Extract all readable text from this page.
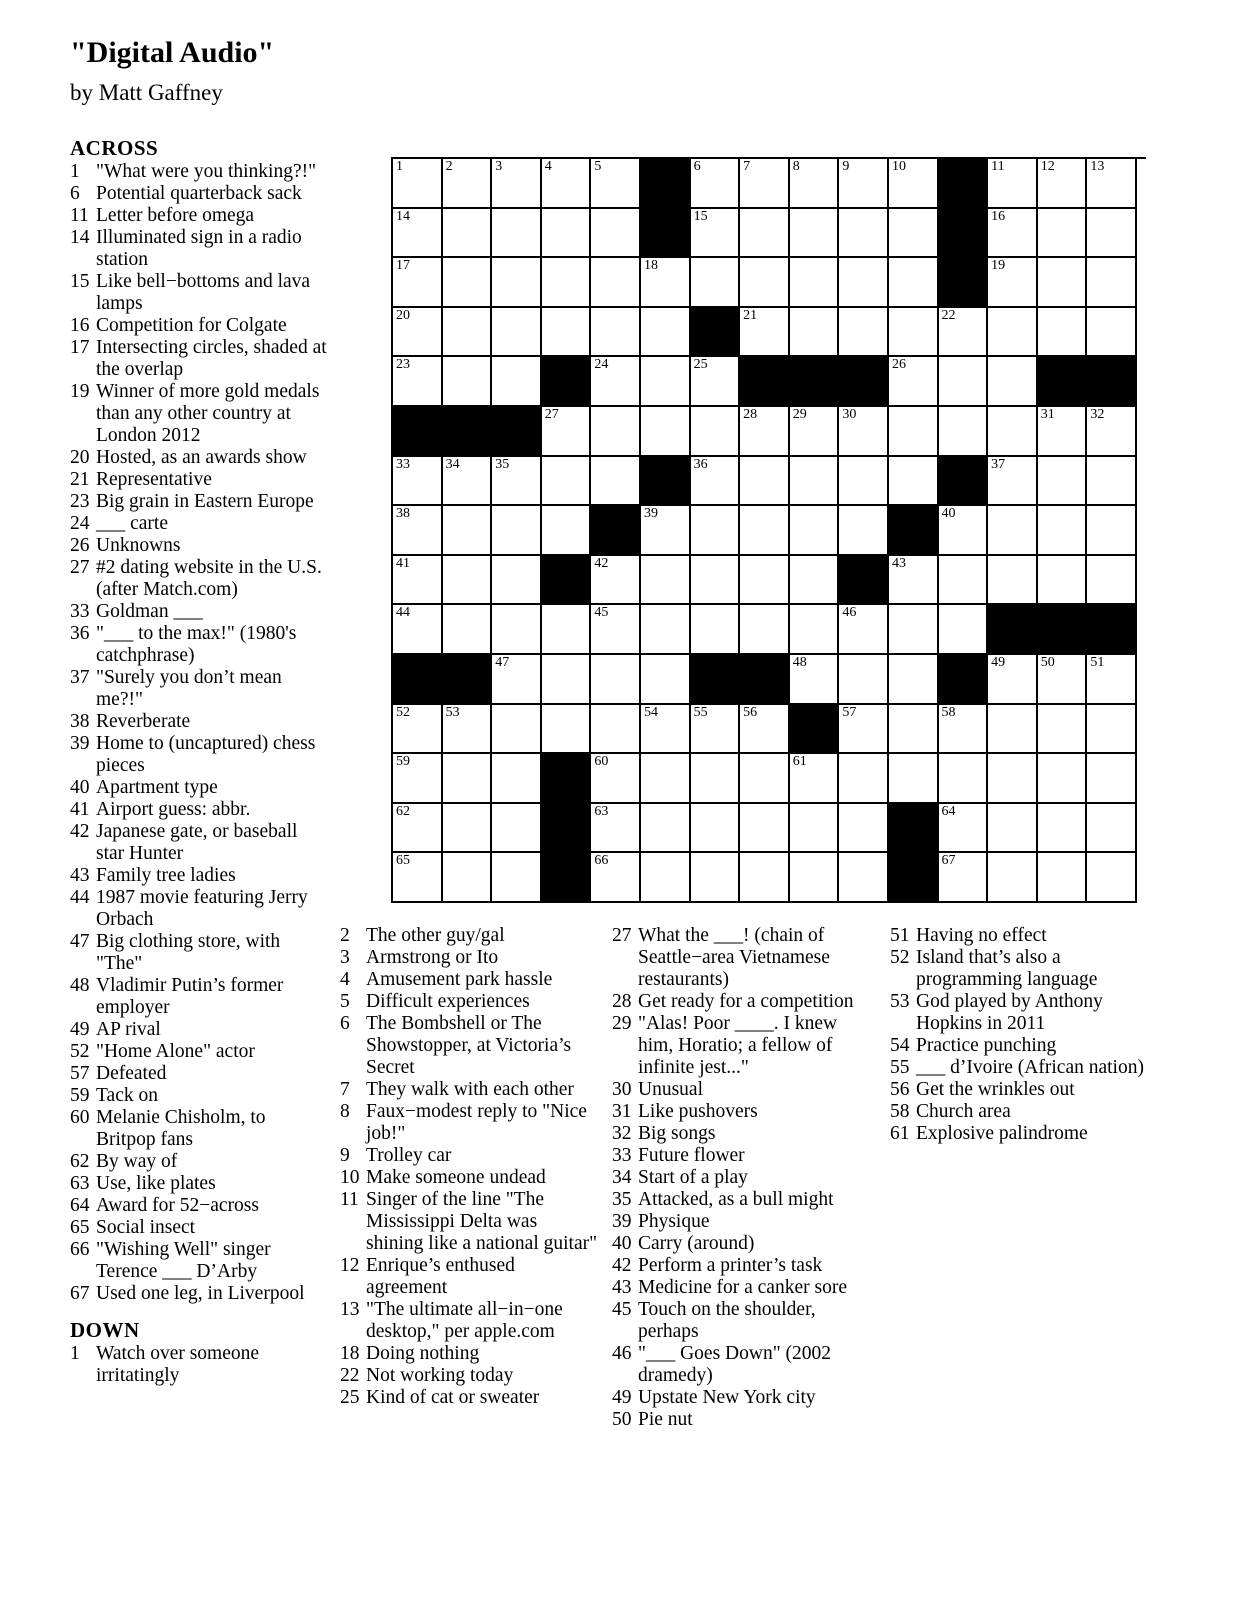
"Digital Audio"
by Matt Gaffney
ACROSS
1 "What were you thinking?!"
6 Potential quarterback sack
11 Letter before omega
14 Illuminated sign in a radio station
15 Like bell−bottoms and lava lamps
16 Competition for Colgate
17 Intersecting circles, shaded at the overlap
19 Winner of more gold medals than any other country at London 2012
20 Hosted, as an awards show
21 Representative
23 Big grain in Eastern Europe
24 ___ carte
26 Unknowns
27 #2 dating website in the U.S. (after Match.com)
33 Goldman ___
36 "___ to the max!" (1980's catchphrase)
37 "Surely you don’t mean me?!"
38 Reverberate
39 Home to (uncaptured) chess pieces
40 Apartment type
41 Airport guess: abbr.
42 Japanese gate, or baseball star Hunter
43 Family tree ladies
44 1987 movie featuring Jerry Orbach
47 Big clothing store, with "The"
48 Vladimir Putin’s former employer
49 AP rival
52 "Home Alone" actor
57 Defeated
59 Tack on
60 Melanie Chisholm, to Britpop fans
62 By way of
63 Use, like plates
64 Award for 52−across
65 Social insect
66 "Wishing Well" singer Terence ___ D’Arby
67 Used one leg, in Liverpool
DOWN
1 Watch over someone irritatingly
2 The other guy/gal
3 Armstrong or Ito
4 Amusement park hassle
5 Difficult experiences
6 The Bombshell or The Showstopper, at Victoria’s Secret
7 They walk with each other
8 Faux−modest reply to "Nice job!"
9 Trolley car
10 Make someone undead
11 Singer of the line "The Mississippi Delta was shining like a national guitar"
12 Enrique’s enthused agreement
13 "The ultimate all−in−one desktop," per apple.com
18 Doing nothing
22 Not working today
25 Kind of cat or sweater
27 What the ___! (chain of Seattle−area Vietnamese restaurants)
28 Get ready for a competition
29 "Alas! Poor ____. I knew him, Horatio; a fellow of infinite jest..."
30 Unusual
31 Like pushovers
32 Big songs
33 Future flower
34 Start of a play
35 Attacked, as a bull might
39 Physique
40 Carry (around)
42 Perform a printer’s task
43 Medicine for a canker sore
45 Touch on the shoulder, perhaps
46 "___ Goes Down" (2002 dramedy)
49 Upstate New York city
50 Pie nut
51 Having no effect
52 Island that’s also a programming language
53 God played by Anthony Hopkins in 2011
54 Practice punching
55 ___ d’Ivoire (African nation)
56 Get the wrinkles out
58 Church area
61 Explosive palindrome
1	2	3	4	5	6	7	8	9	10	11	12	13
14	15	16
17	18	19
20	21	22
23	24	25	26
27	28	29	30	31	32
33	34	35	36	37
38	39	40
41	42	43
44	45	46
47	48	49	50	51
52	53	54	55	56	57	58
59	60	61
62	63	64
65	66	67
